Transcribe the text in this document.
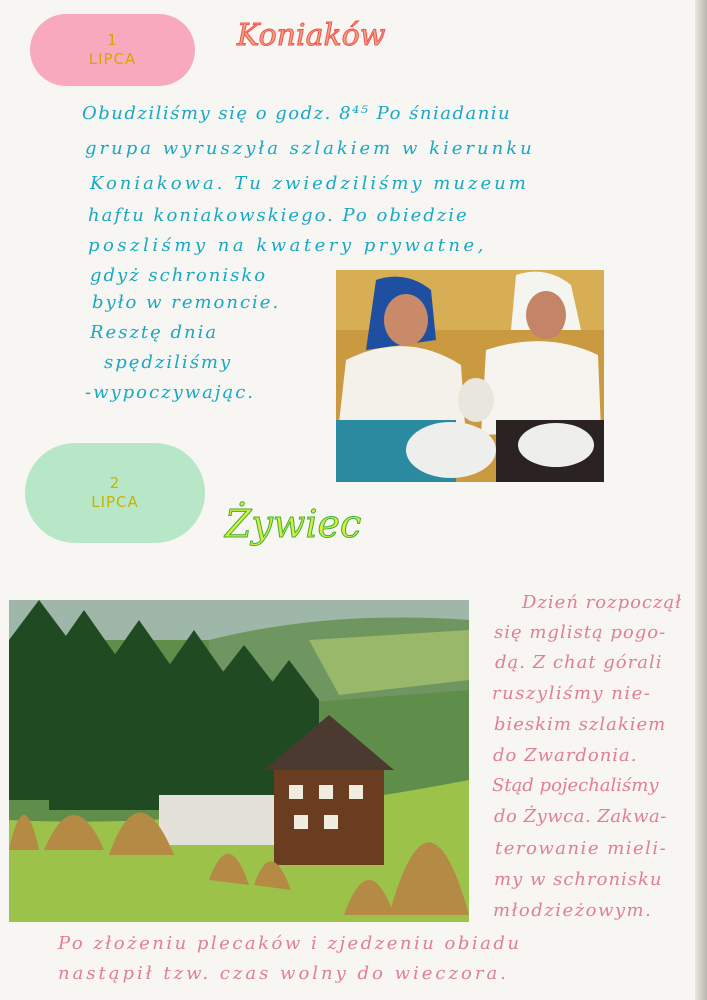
1
LIPCA
Koniaków
Obudziliśmy się o godz. 8⁴⁵ Po śniadaniu
grupa wyruszyła szlakiem w kierunku
Koniakowa. Tu zwiedziliśmy muzeum
haftu koniakowskiego. Po obiedzie
poszliśmy na kwatery prywatne,
gdyż schronisko
było w remoncie.
Resztę dnia
spędziliśmy
-wypoczywając.
2
LIPCA Żywiec
Dzień rozpoczął
się mglistą pogo-
dą. Z chat górali
ruszyliśmy nie-
bieskim szlakiem
do Zwardonia.
Stąd pojechaliśmy
do Żywca. Zakwa-
terowanie mieli-
my w schronisku
młodzieżowym.
Po złożeniu plecaków i zjedzeniu obiadu
nastąpił tzw. czas wolny do wieczora.
